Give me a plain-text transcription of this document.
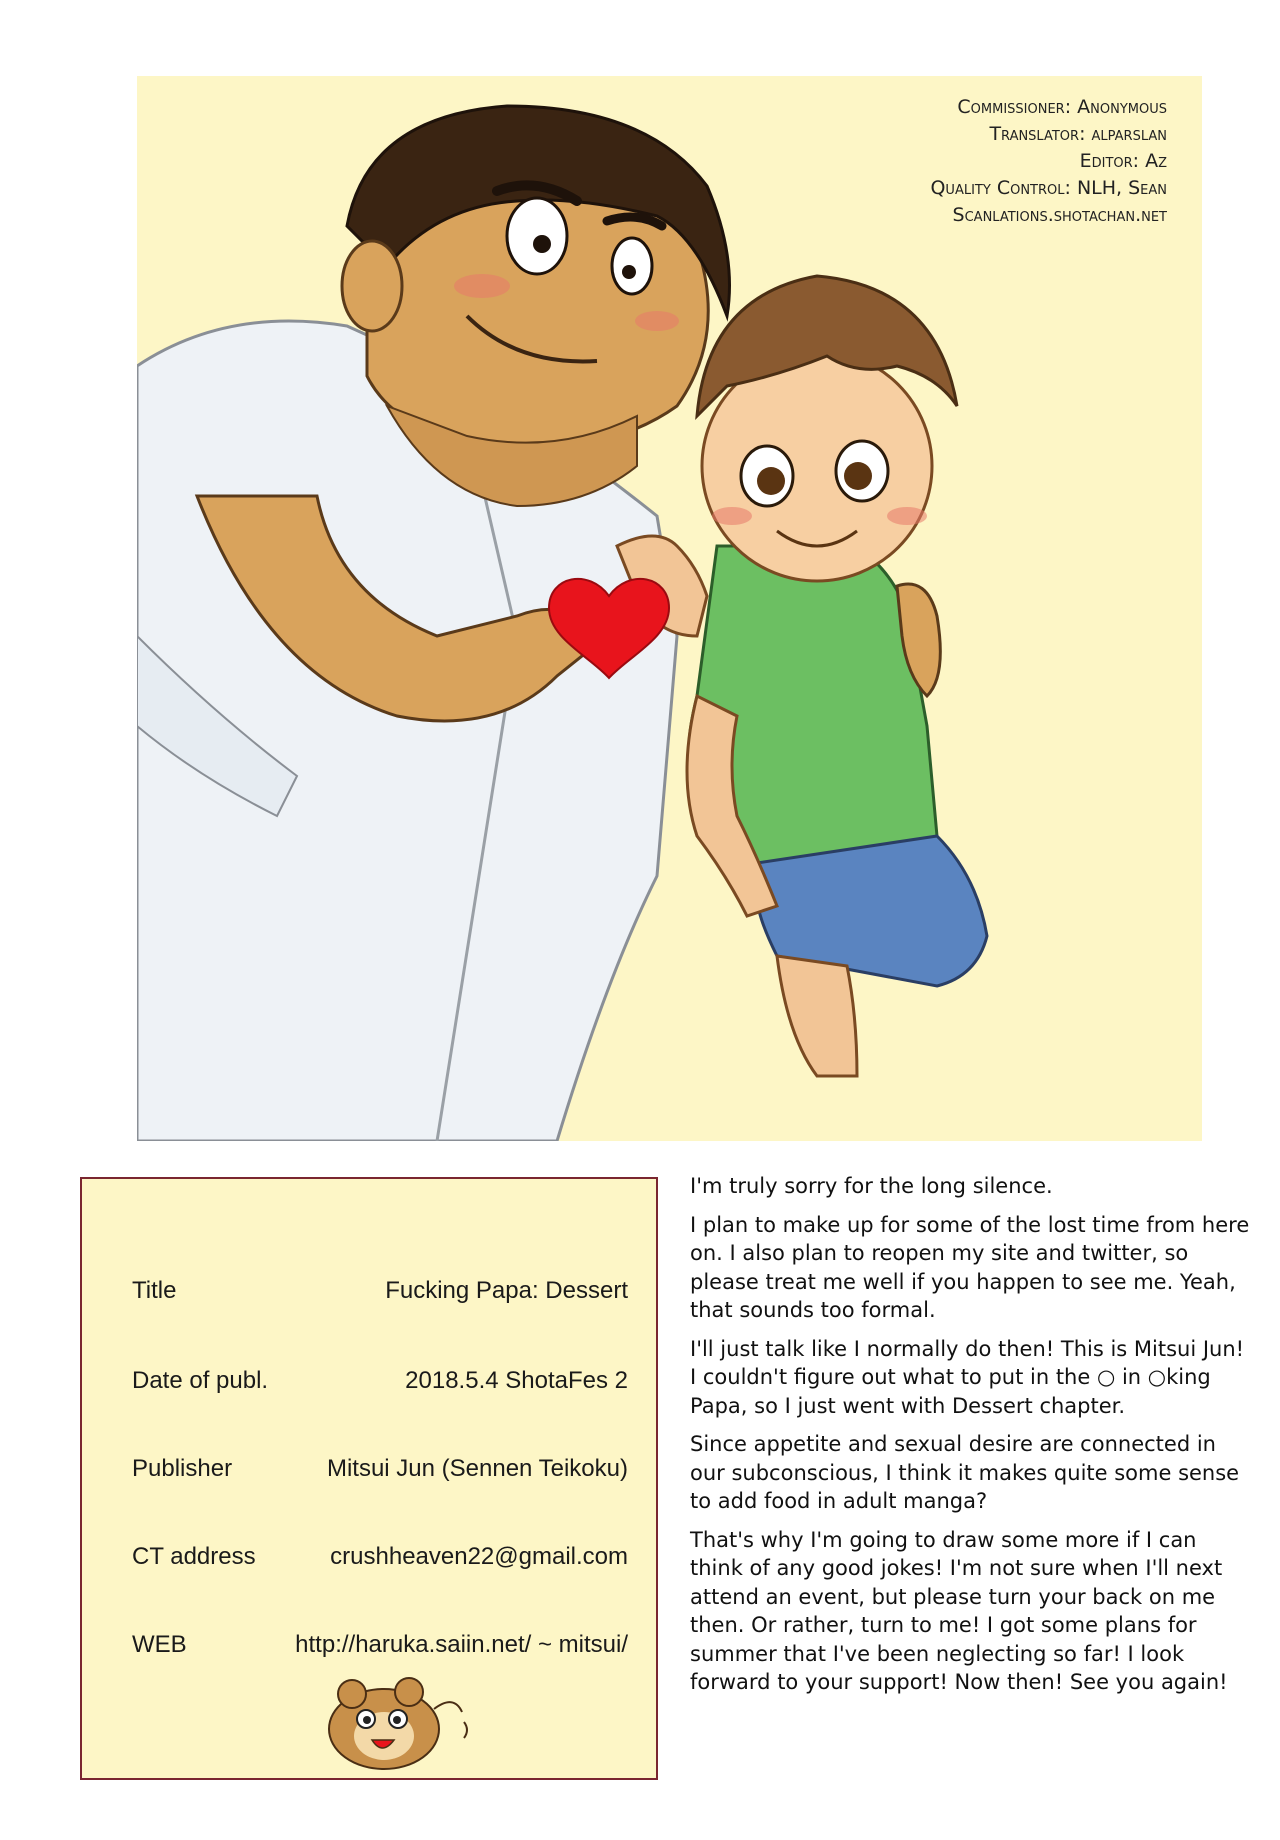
Commissioner: Anonymous
Translator: alparslan
Editor: Az
Quality Control: NLH, Sean
Scanlations.shotachan.net
Title	Fucking Papa: Dessert
Date of publ.	2018.5.4 ShotaFes 2
Publisher	Mitsui Jun (Sennen Teikoku)
CT address	crushheaven22@gmail.com
WEB	http://haruka.saiin.net/ ~ mitsui/

I'm truly sorry for the long silence.

I plan to make up for some of the lost time from here on. I also plan to reopen my site and twitter, so please treat me well if you happen to see me. Yeah, that sounds too formal.

I'll just talk like I normally do then! This is Mitsui Jun! I couldn't figure out what to put in the ○ in ○king Papa, so I just went with Dessert chapter.

Since appetite and sexual desire are connected in our subconscious, I think it makes quite some sense to add food in adult manga?

That's why I'm going to draw some more if I can think of any good jokes! I'm not sure when I'll next attend an event, but please turn your back on me then. Or rather, turn to me! I got some plans for summer that I've been neglecting so far! I look forward to your support! Now then! See you again!
